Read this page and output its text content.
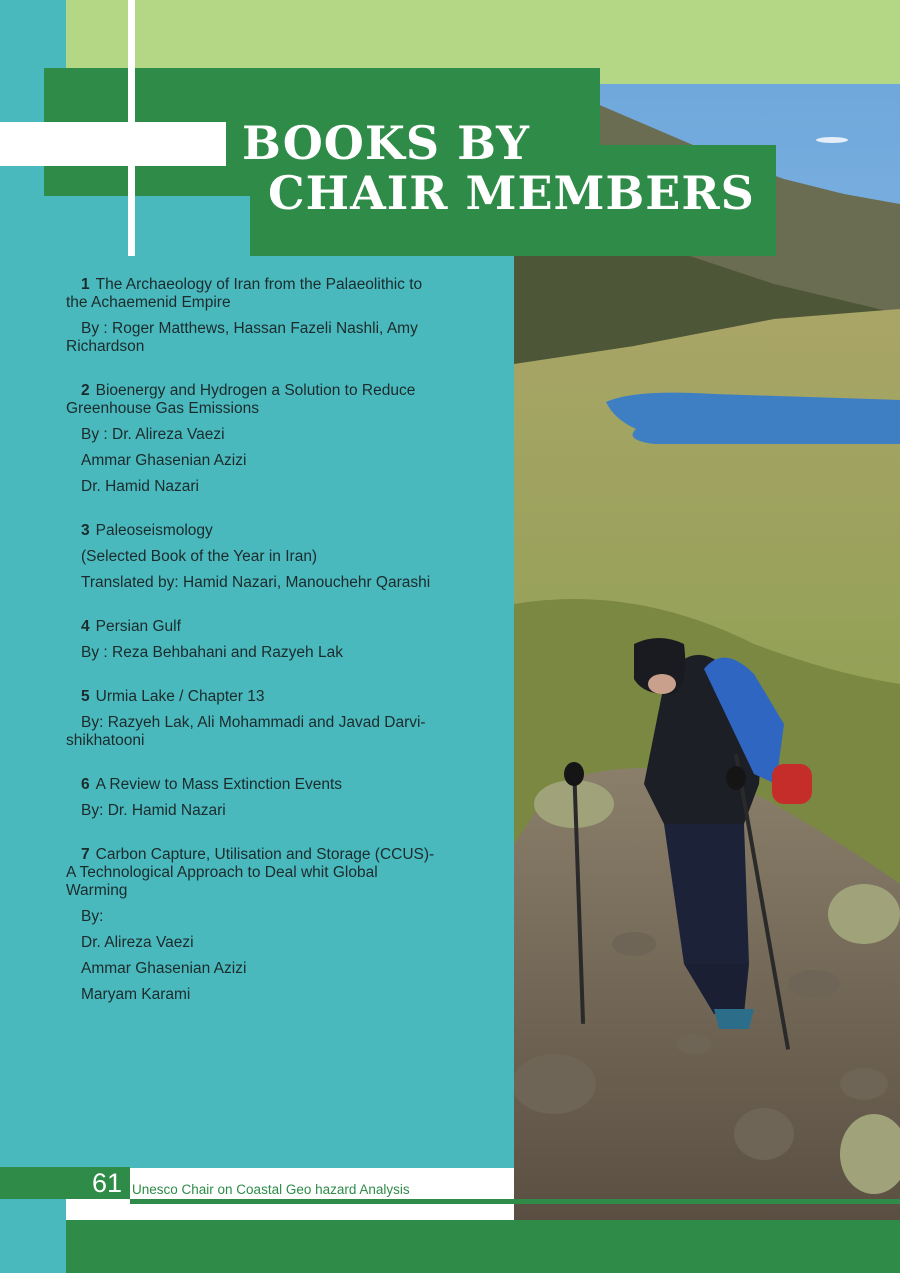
BOOKS BY
CHAIR MEMBERS
1 The Archaeology of Iran from the Palaeolithic to
the Achaemenid Empire
By : Roger Matthews, Hassan Fazeli Nashli, Amy
Richardson
2 Bioenergy and Hydrogen a Solution to Reduce
Greenhouse Gas Emissions
By : Dr. Alireza Vaezi
Ammar Ghasenian Azizi
Dr. Hamid Nazari
3 Paleoseismology
(Selected Book of the Year in Iran)
Translated by: Hamid Nazari, Manouchehr Qarashi
4 Persian Gulf
By : Reza Behbahani and Razyeh Lak
5 Urmia Lake / Chapter 13
By: Razyeh Lak, Ali Mohammadi and Javad Darvi-
shikhatooni
6 A Review to Mass Extinction Events
By: Dr. Hamid Nazari
7 Carbon Capture, Utilisation and Storage (CCUS)-
A Technological Approach to Deal whit Global
Warming
By:
Dr. Alireza Vaezi
Ammar Ghasenian Azizi
Maryam Karami
61 Unesco Chair on Coastal Geo hazard Analysis
